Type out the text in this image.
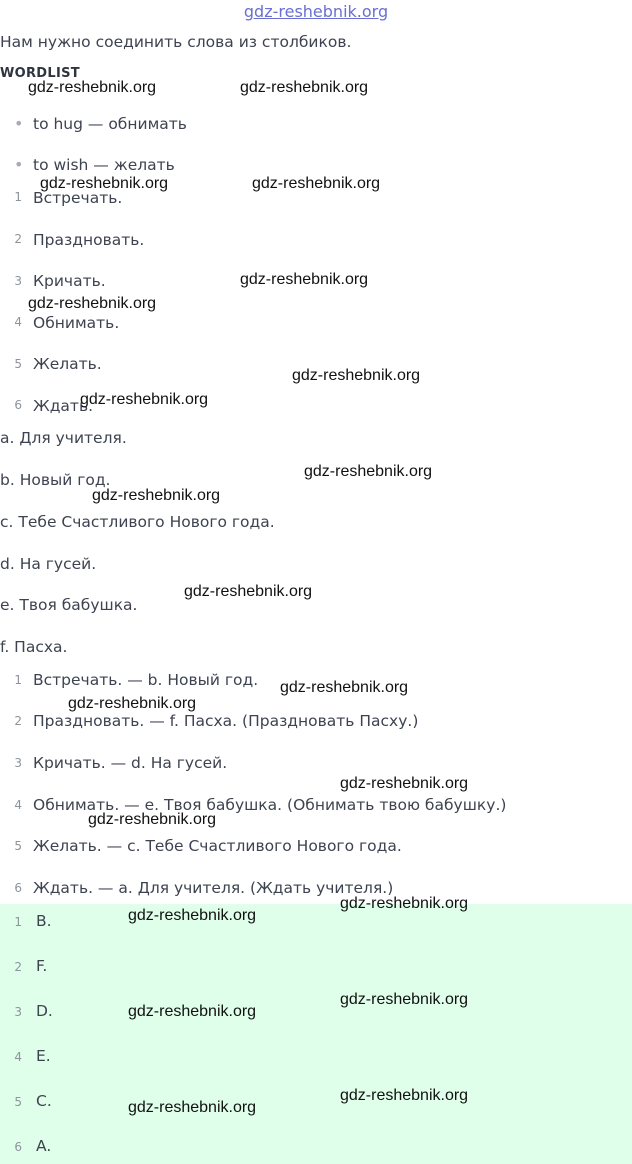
gdz-reshebnik.org
Нам нужно соединить слова из столбиков.
WORDLIST
• to hug — обнимать
• to wish — желать
1 Встречать.
2 Праздновать.
3 Кричать.
4 Обнимать.
5 Желать.
6 Ждать.
a. Для учителя.
b. Новый год.
c. Тебе Счастливого Нового года.
d. На гусей.
e. Твоя бабушка.
f. Пасха.
1 Встречать. — b. Новый год.
2 Праздновать. — f. Пасха. (Праздновать Пасху.)
3 Кричать. — d. На гусей.
4 Обнимать. — e. Твоя бабушка. (Обнимать твою бабушку.)
5 Желать. — c. Тебе Счастливого Нового года.
6 Ждать. — a. Для учителя. (Ждать учителя.)
1 B.
2 F.
3 D.
4 E.
5 C.
6 A.
gdz-reshebnik.org	gdz-reshebnik.org
gdz-reshebnik.org	gdz-reshebnik.org
gdz-reshebnik.org
gdz-reshebnik.org
gdz-reshebnik.org
gdz-reshebnik.org
gdz-reshebnik.org
gdz-reshebnik.org
gdz-reshebnik.org
gdz-reshebnik.org
gdz-reshebnik.org
gdz-reshebnik.org
gdz-reshebnik.org
gdz-reshebnik.org
gdz-reshebnik.org
gdz-reshebnik.org
gdz-reshebnik.org
gdz-reshebnik.org
gdz-reshebnik.org
